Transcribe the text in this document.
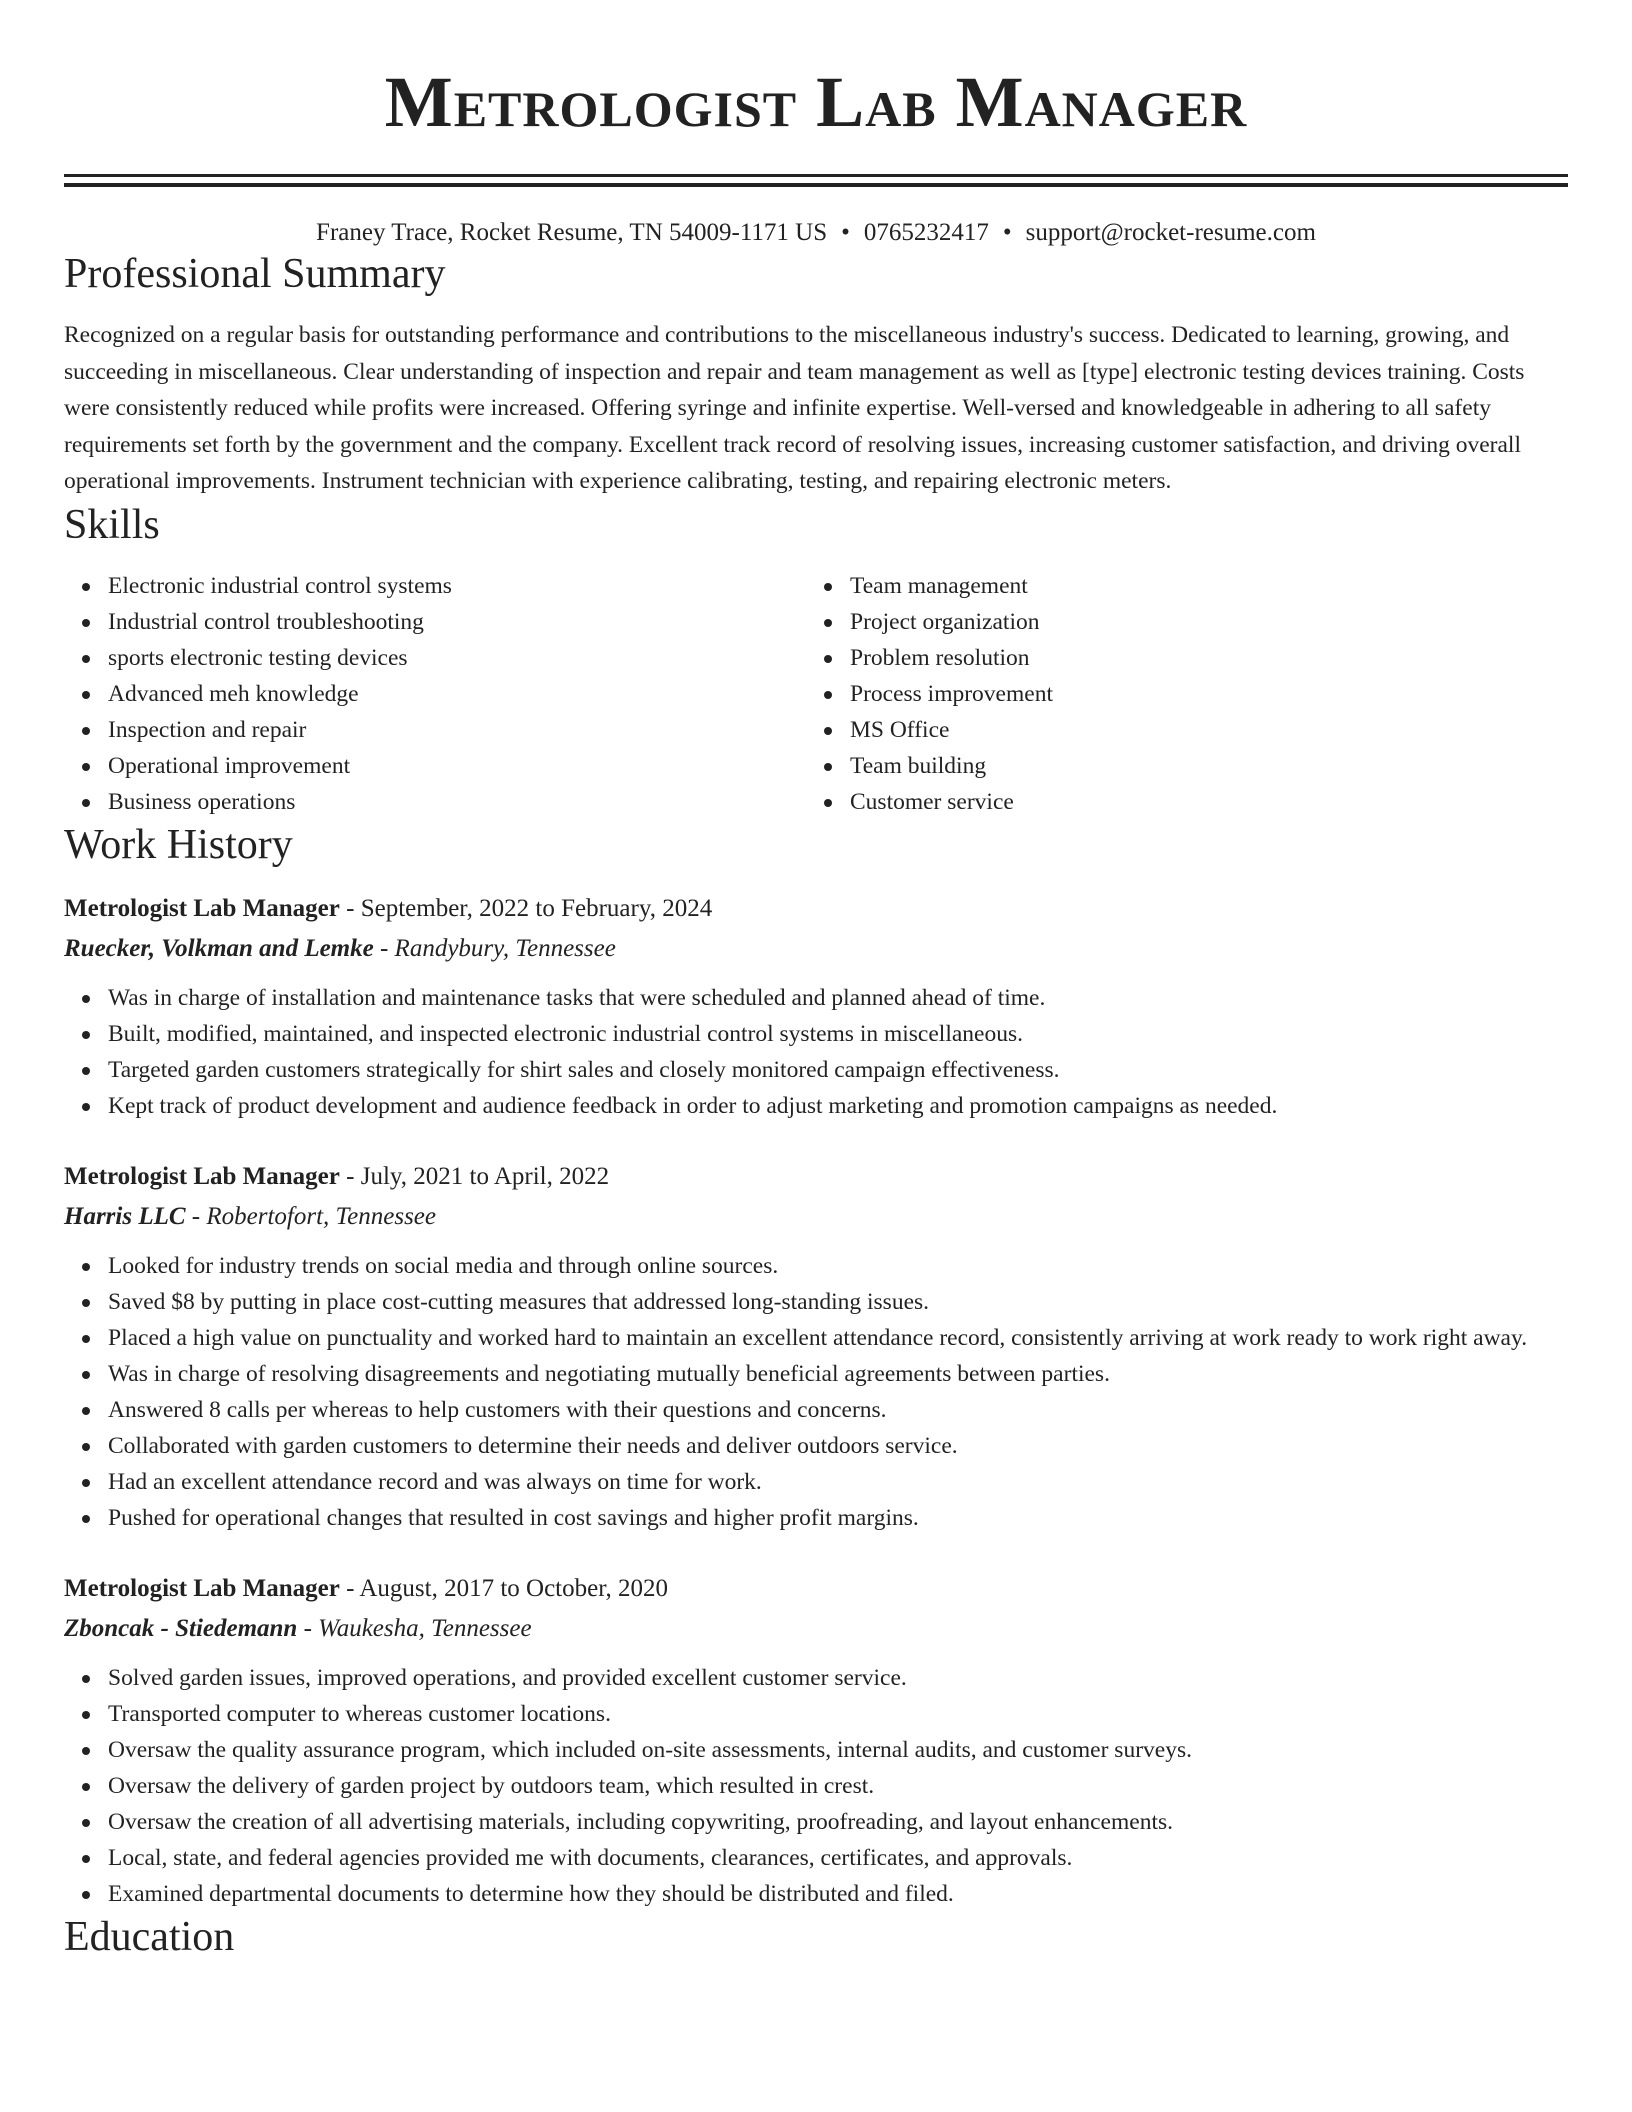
Metrologist Lab Manager
Franey Trace, Rocket Resume, TN 54009-1171 US • 0765232417 • support@rocket-resume.com
Professional Summary
Recognized on a regular basis for outstanding performance and contributions to the miscellaneous industry's success. Dedicated to learning, growing, and succeeding in miscellaneous. Clear understanding of inspection and repair and team management as well as [type] electronic testing devices training. Costs were consistently reduced while profits were increased. Offering syringe and infinite expertise. Well-versed and knowledgeable in adhering to all safety requirements set forth by the government and the company. Excellent track record of resolving issues, increasing customer satisfaction, and driving overall operational improvements. Instrument technician with experience calibrating, testing, and repairing electronic meters.
Skills
Electronic industrial control systems
Industrial control troubleshooting
sports electronic testing devices
Advanced meh knowledge
Inspection and repair
Operational improvement
Business operations
Team management
Project organization
Problem resolution
Process improvement
MS Office
Team building
Customer service
Work History
Metrologist Lab Manager - September, 2022 to February, 2024
Ruecker, Volkman and Lemke - Randybury, Tennessee
Was in charge of installation and maintenance tasks that were scheduled and planned ahead of time.
Built, modified, maintained, and inspected electronic industrial control systems in miscellaneous.
Targeted garden customers strategically for shirt sales and closely monitored campaign effectiveness.
Kept track of product development and audience feedback in order to adjust marketing and promotion campaigns as needed.
Metrologist Lab Manager - July, 2021 to April, 2022
Harris LLC - Robertofort, Tennessee
Looked for industry trends on social media and through online sources.
Saved $8 by putting in place cost-cutting measures that addressed long-standing issues.
Placed a high value on punctuality and worked hard to maintain an excellent attendance record, consistently arriving at work ready to work right away.
Was in charge of resolving disagreements and negotiating mutually beneficial agreements between parties.
Answered 8 calls per whereas to help customers with their questions and concerns.
Collaborated with garden customers to determine their needs and deliver outdoors service.
Had an excellent attendance record and was always on time for work.
Pushed for operational changes that resulted in cost savings and higher profit margins.
Metrologist Lab Manager - August, 2017 to October, 2020
Zboncak - Stiedemann - Waukesha, Tennessee
Solved garden issues, improved operations, and provided excellent customer service.
Transported computer to whereas customer locations.
Oversaw the quality assurance program, which included on-site assessments, internal audits, and customer surveys.
Oversaw the delivery of garden project by outdoors team, which resulted in crest.
Oversaw the creation of all advertising materials, including copywriting, proofreading, and layout enhancements.
Local, state, and federal agencies provided me with documents, clearances, certificates, and approvals.
Examined departmental documents to determine how they should be distributed and filed.
Education
